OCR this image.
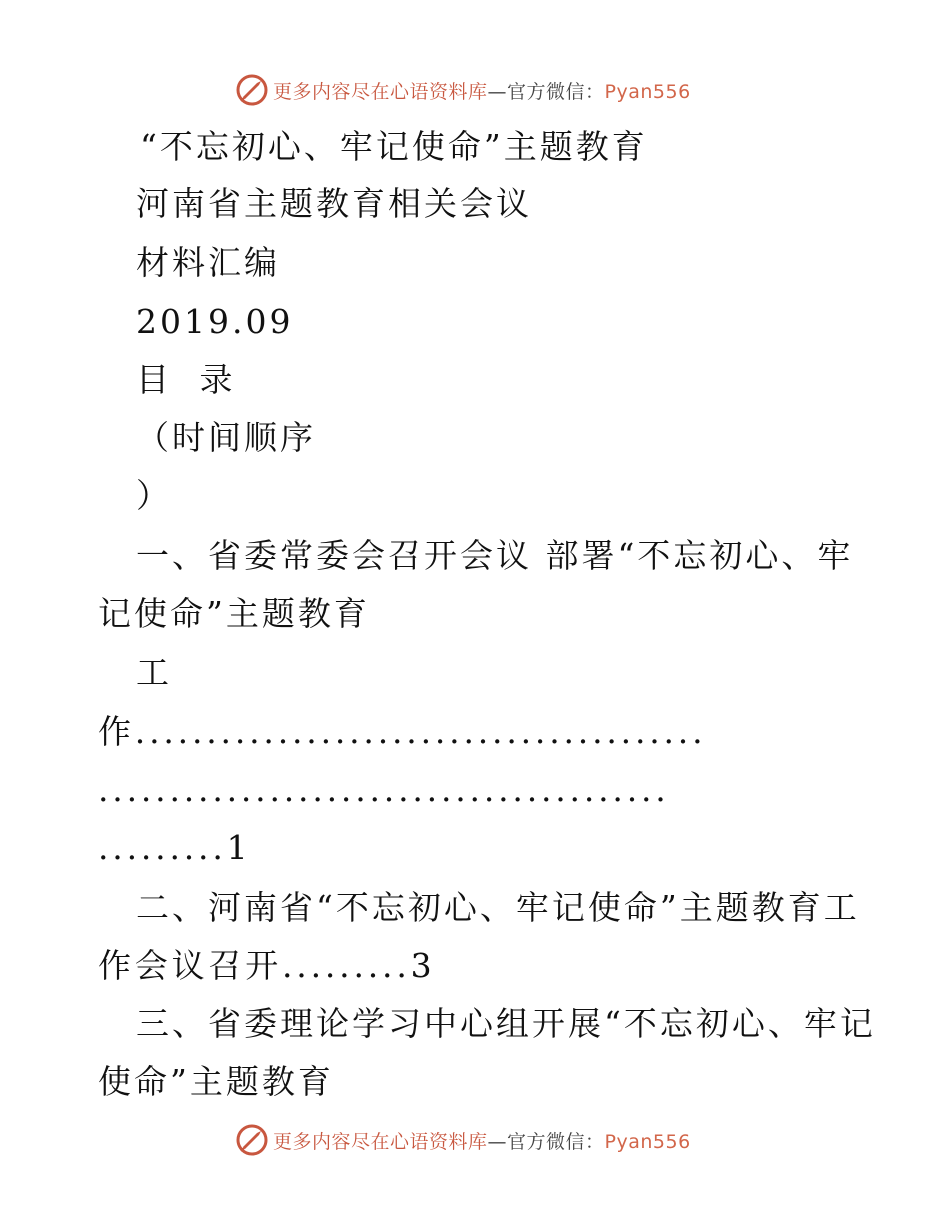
更多内容尽在心语资料库—官方微信：Pyan556
“不忘初心、牢记使命”主题教育
河南省主题教育相关会议
材料汇编
2019.09
目 录
（时间顺序
）
一、省委常委会召开会议 部署“不忘初心、牢
记使命”主题教育
工
作........................................
........................................
.........1
二、河南省“不忘初心、牢记使命”主题教育工
作会议召开.........3
三、省委理论学习中心组开展“不忘初心、牢记
使命”主题教育
更多内容尽在心语资料库—官方微信：Pyan556
